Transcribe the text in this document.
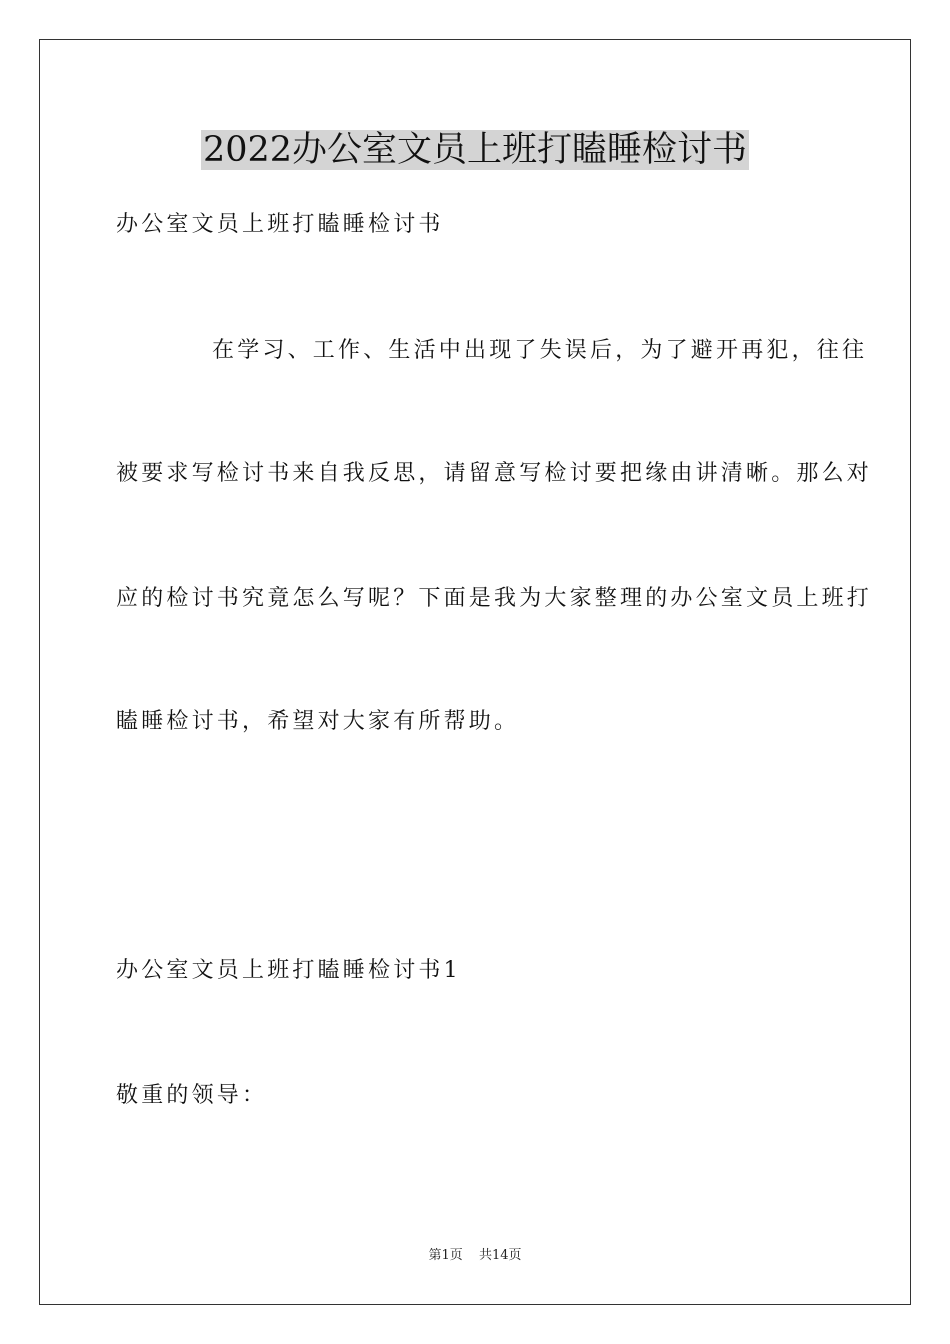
2022办公室文员上班打瞌睡检讨书
办公室文员上班打瞌睡检讨书
在学习、工作、生活中出现了失误后，为了避开再犯，往往
被要求写检讨书来自我反思，请留意写检讨要把缘由讲清晰。那么对
应的检讨书究竟怎么写呢？下面是我为大家整理的办公室文员上班打
瞌睡检讨书，希望对大家有所帮助。
办公室文员上班打瞌睡检讨书1
敬重的领导：
第1页 共14页
